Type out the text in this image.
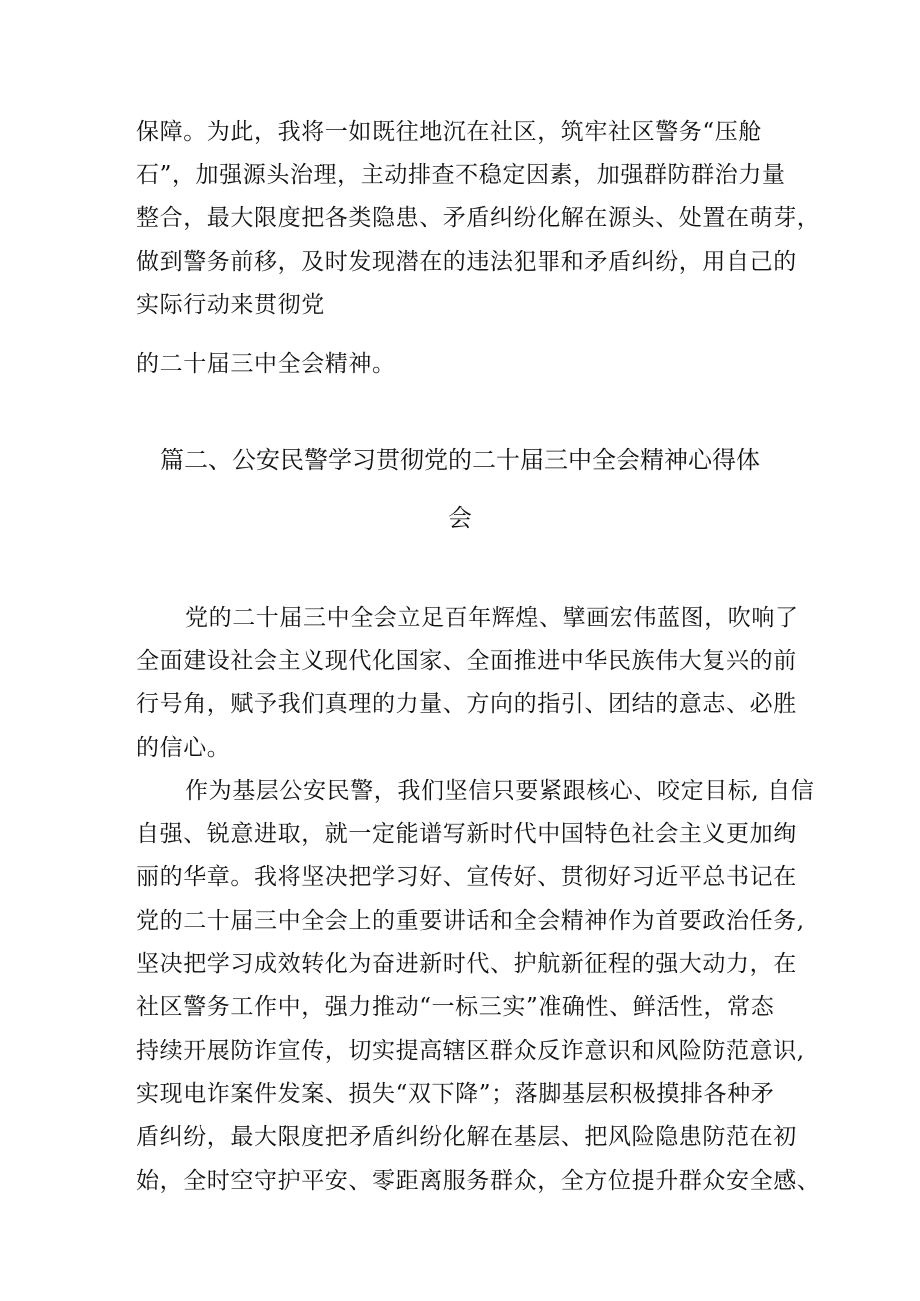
保障。为此，我将一如既往地沉在社区，筑牢社区警务“压舱
石”，加强源头治理，主动排查不稳定因素，加强群防群治力量
整合，最大限度把各类隐患、矛盾纠纷化解在源头、处置在萌芽，
做到警务前移，及时发现潜在的违法犯罪和矛盾纠纷，用自己的
实际行动来贯彻党
的二十届三中全会精神。
篇二、公安民警学习贯彻党的二十届三中全会精神心得体
会
党的二十届三中全会立足百年辉煌、擘画宏伟蓝图，吹响了
全面建设社会主义现代化国家、全面推进中华民族伟大复兴的前
行号角，赋予我们真理的力量、方向的指引、团结的意志、必胜
的信心。
作为基层公安民警，我们坚信只要紧跟核心、咬定目标, 自信
自强、锐意进取，就一定能谱写新时代中国特色社会主义更加绚
丽的华章。我将坚决把学习好、宣传好、贯彻好习近平总书记在
党的二十届三中全会上的重要讲话和全会精神作为首要政治任务,
坚决把学习成效转化为奋进新时代、护航新征程的强大动力，在
社区警务工作中，强力推动“一标三实”准确性、鲜活性，常态
持续开展防诈宣传，切实提高辖区群众反诈意识和风险防范意识,
实现电诈案件发案、损失“双下降”；落脚基层积极摸排各种矛
盾纠纷，最大限度把矛盾纠纷化解在基层、把风险隐患防范在初
始，全时空守护平安、零距离服务群众，全方位提升群众安全感、
